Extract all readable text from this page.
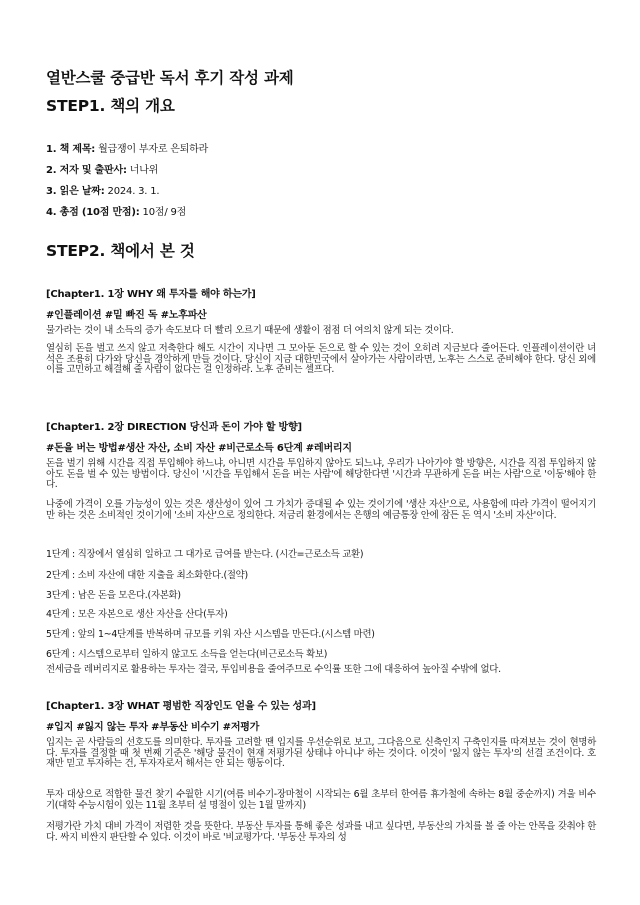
열반스쿨 중급반 독서 후기 작성 과제
STEP1. 책의 개요
1. 책 제목: 월급쟁이 부자로 은퇴하라
2. 저자 및 출판사: 너나위
3. 읽은 날짜: 2024. 3. 1.
4. 총점 (10점 만점): 10점/ 9점
STEP2. 책에서 본 것
[Chapter1. 1장 WHY 왜 투자를 해야 하는가]
#인플레이션 #밑 빠진 독 #노후파산
물가라는 것이 내 소득의 증가 속도보다 더 빨리 오르기 때문에 생활이 점점 더 여의치 않게 되는 것이다.
열심히 돈을 벌고 쓰지 않고 저축한다 해도 시간이 지나면 그 모아둔 돈으로 할 수 있는 것이 오히려 지금보다 줄어든다. 인플레이션이란 녀석은 조용히 다가와 당신을 경악하게 만들 것이다. 당신이 지금 대한민국에서 살아가는 사람이라면, 노후는 스스로 준비해야 한다. 당신 외에 이를 고민하고 해결해 줄 사람이 없다는 걸 인정하라. 노후 준비는 셀프다.
[Chapter1. 2장 DIRECTION 당신과 돈이 가야 할 방향]
#돈을 버는 방법#생산 자산, 소비 자산 #비근로소득 6단계 #레버리지
돈을 벌기 위해 시간을 직접 투입해야 하느냐, 아니면 시간을 투입하지 않아도 되느냐, 우리가 나아가야 할 방향은, 시간을 직접 투입하지 않아도 돈을 벌 수 있는 방법이다. 당신이 '시간을 투입해서 돈을 버는 사람'에 해당한다면 '시간과 무관하게 돈을 버는 사람'으로 '이동'해야 한다.
나중에 가격이 오를 가능성이 있는 것은 생산성이 있어 그 가치가 증대될 수 있는 것이기에 '생산 자산'으로, 사용함에 따라 가격이 떨어지기만 하는 것은 소비적인 것이기에 '소비 자산'으로 정의한다. 저금리 환경에서는 은행의 예금통장 안에 잠든 돈 역시 '소비 자산'이다.
1단계 : 직장에서 열심히 일하고 그 대가로 급여를 받는다. (시간=근로소득 교환)
2단계 : 소비 자산에 대한 지출을 최소화한다.(절약)
3단계 : 남은 돈을 모은다.(자본화)
4단계 : 모은 자본으로 생산 자산을 산다(투자)
5단계 : 앞의 1~4단계를 반복하며 규모를 키워 자산 시스템을 만든다.(시스템 마련)
6단계 : 시스템으로부터 일하지 않고도 소득을 얻는다(비근로소득 확보)
전세금을 레버리지로 활용하는 투자는 결국, 투입비용을 줄여주므로 수익률 또한 그에 대응하여 높아질 수밖에 없다.
[Chapter1. 3장 WHAT 평범한 직장인도 얻을 수 있는 성과]
#입지 #잃지 않는 투자 #부동산 비수기 #저평가
입지는 곧 사람들의 선호도를 의미한다. 투자를 고려할 땐 입지를 우선순위로 보고, 그다음으로 신축인지 구축인지를 따져보는 것이 현명하다. 투자를 결정할 때 첫 번째 기준은 '해당 물건이 현재 저평가된 상태냐 아니냐' 하는 것이다. 이것이 '잃지 않는 투자'의 선결 조건이다. 호재만 믿고 투자하는 건, 투자자로서 해서는 안 되는 행동이다.
투자 대상으로 적합한 물건 찾기 수월한 시기(여름 비수기-장마철이 시작되는 6월 초부터 한여름 휴가철에 속하는 8월 중순까지) 겨울 비수기(대학 수능시험이 있는 11월 초부터 설 명절이 있는 1월 말까지)
저평가란 가치 대비 가격이 저렴한 것을 뜻한다. 부동산 투자를 통해 좋은 성과를 내고 싶다면, 부동산의 가치를 볼 줄 아는 안목을 갖춰야 한다. 싸지 비싼지 판단할 수 있다. 이것이 바로 '비교평가'다. '부동산 투자의 성
